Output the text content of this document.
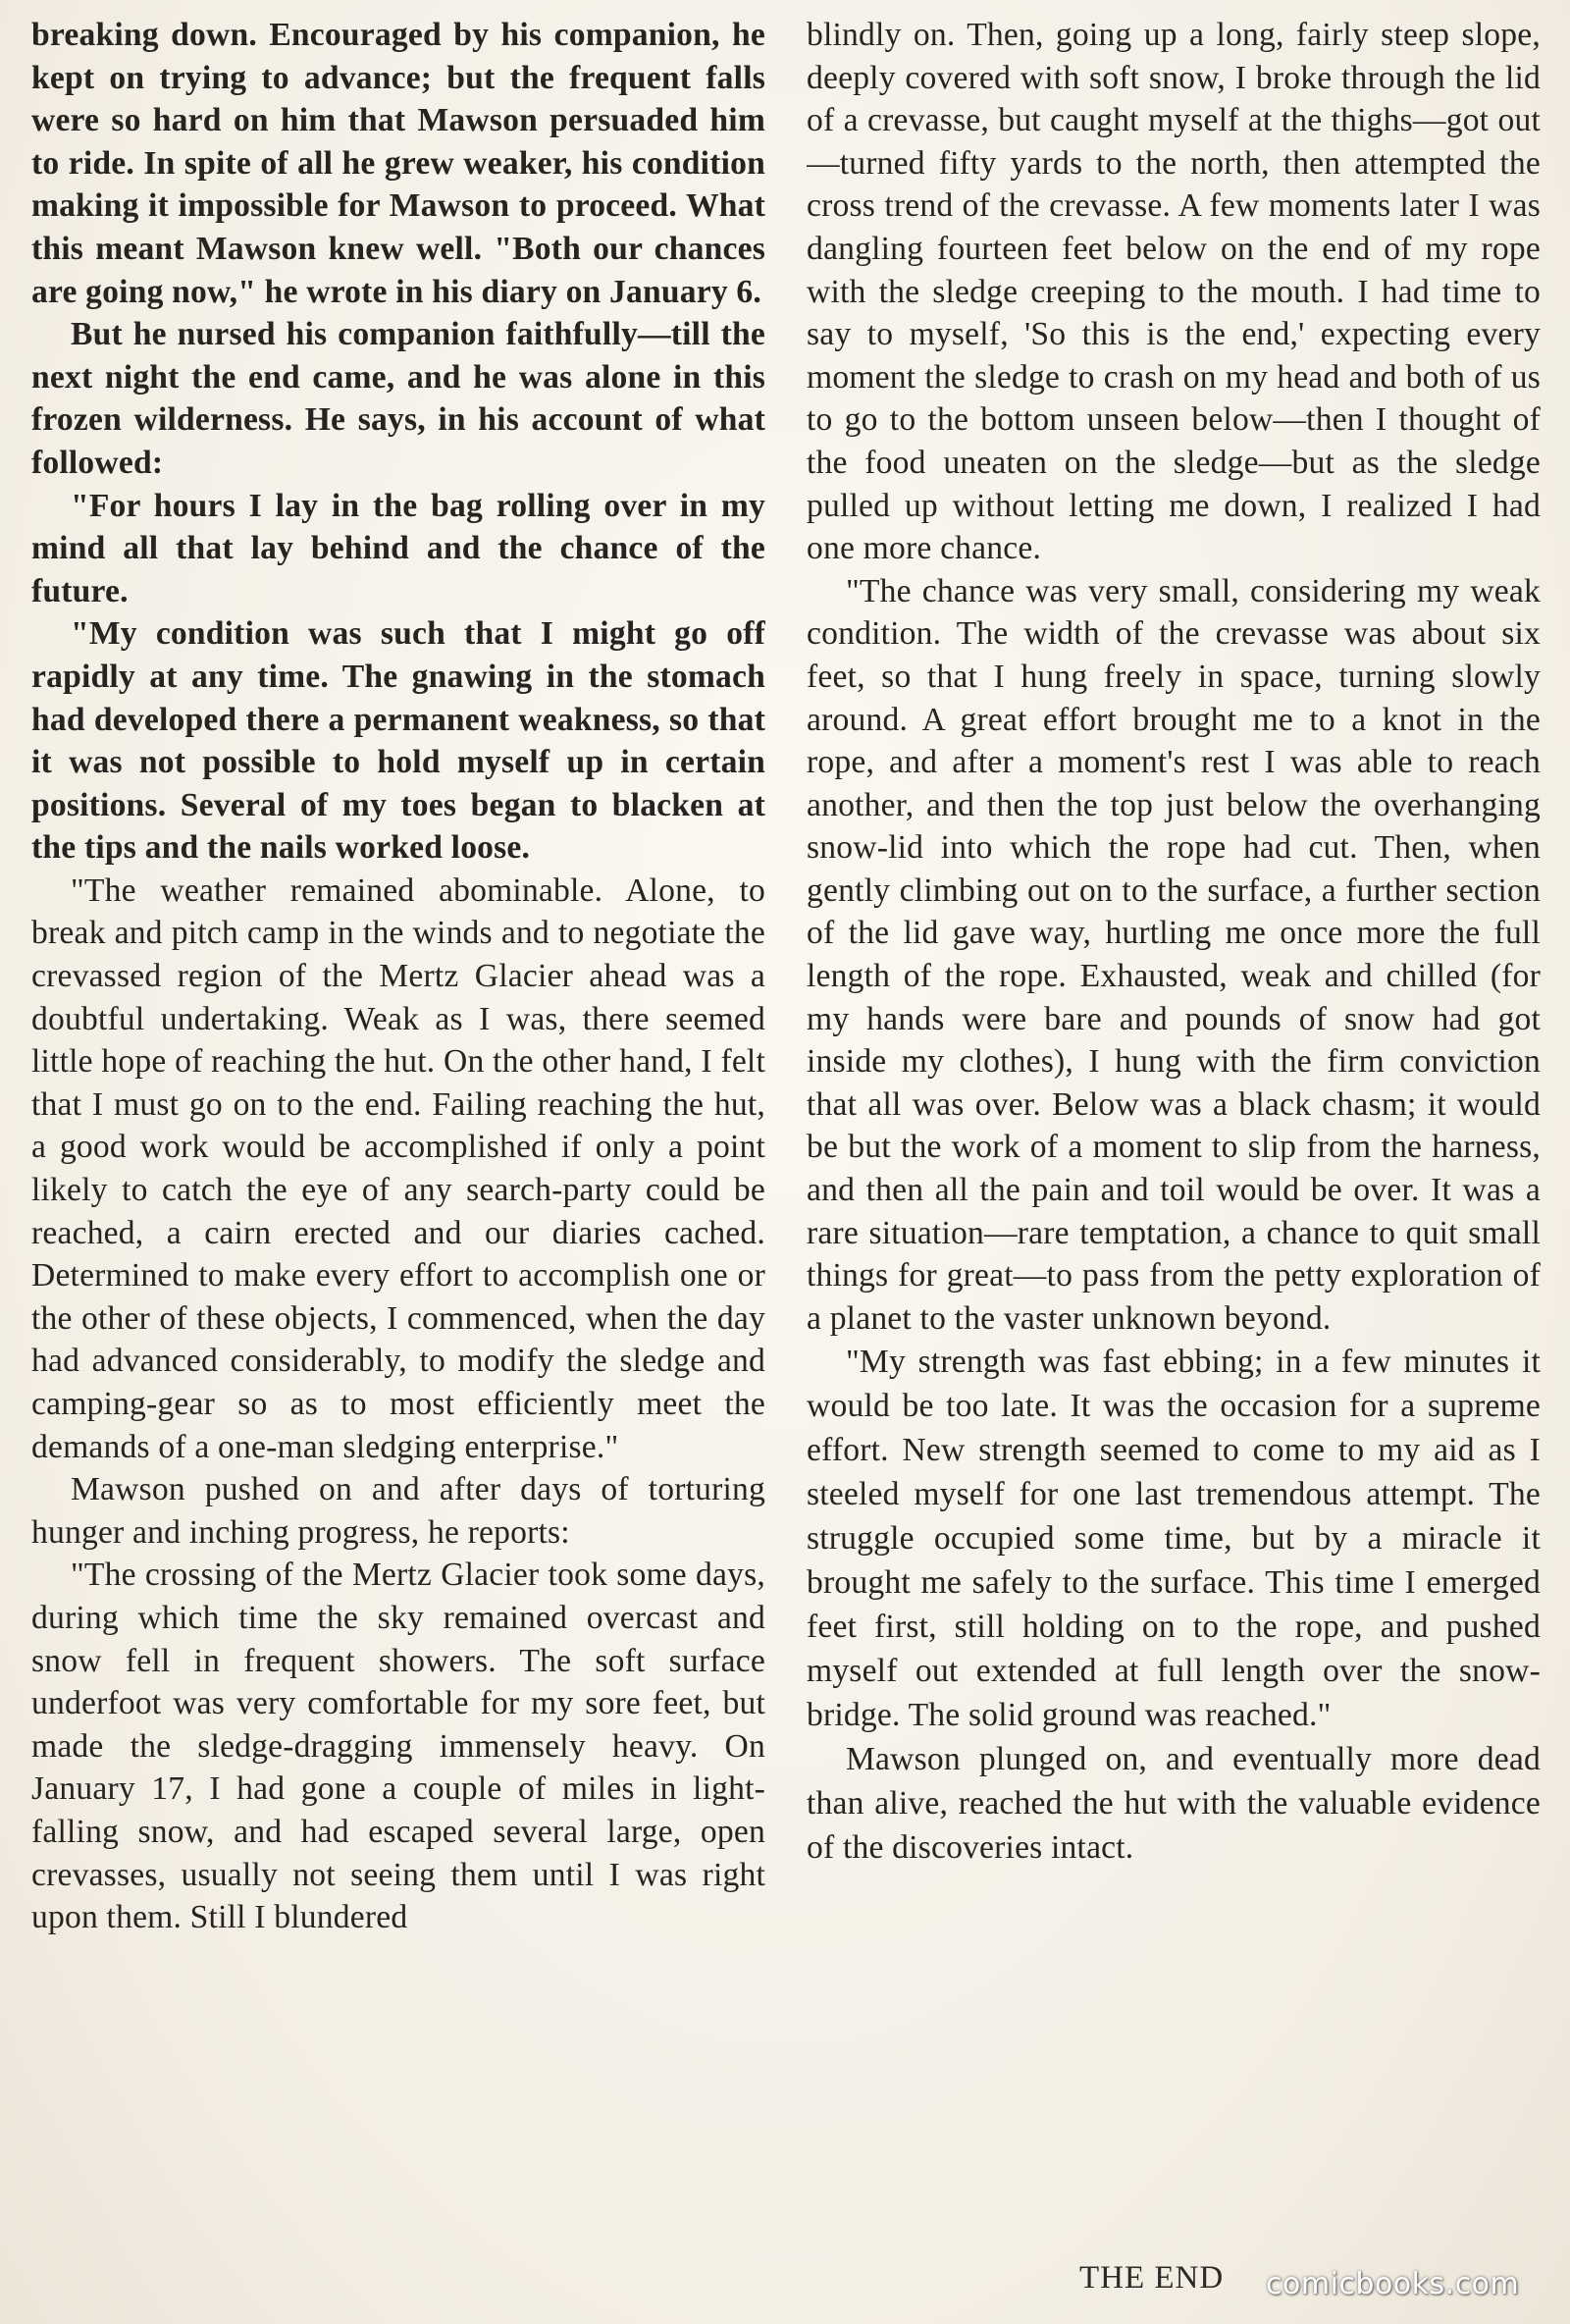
breaking down. Encouraged by his companion, he kept on trying to advance; but the frequent falls were so hard on him that Mawson persuaded him to ride. In spite of all he grew weaker, his condition making it impossible for Mawson to proceed. What this meant Mawson knew well. "Both our chances are going now," he wrote in his diary on January 6.

But he nursed his companion faithfully—till the next night the end came, and he was alone in this frozen wilderness. He says, in his account of what followed:

"For hours I lay in the bag rolling over in my mind all that lay behind and the chance of the future.

"My condition was such that I might go off rapidly at any time. The gnawing in the stomach had developed there a permanent weakness, so that it was not possible to hold myself up in certain positions. Several of my toes began to blacken at the tips and the nails worked loose.

"The weather remained abominable. Alone, to break and pitch camp in the winds and to negotiate the crevassed region of the Mertz Glacier ahead was a doubtful undertaking. Weak as I was, there seemed little hope of reaching the hut. On the other hand, I felt that I must go on to the end. Failing reaching the hut, a good work would be accomplished if only a point likely to catch the eye of any search-party could be reached, a cairn erected and our diaries cached. Determined to make every effort to accomplish one or the other of these objects, I commenced, when the day had advanced considerably, to modify the sledge and camping-gear so as to most efficiently meet the demands of a one-man sledging enterprise."

Mawson pushed on and after days of torturing hunger and inching progress, he reports:

"The crossing of the Mertz Glacier took some days, during which time the sky remained overcast and snow fell in frequent showers. The soft surface underfoot was very comfortable for my sore feet, but made the sledge-dragging immensely heavy. On January 17, I had gone a couple of miles in light-falling snow, and had escaped several large, open crevasses, usually not seeing them until I was right upon them. Still I blundered

blindly on. Then, going up a long, fairly steep slope, deeply covered with soft snow, I broke through the lid of a crevasse, but caught myself at the thighs—got out—turned fifty yards to the north, then attempted the cross trend of the crevasse. A few moments later I was dangling fourteen feet below on the end of my rope with the sledge creeping to the mouth. I had time to say to myself, 'So this is the end,' expecting every moment the sledge to crash on my head and both of us to go to the bottom unseen below—then I thought of the food uneaten on the sledge—but as the sledge pulled up without letting me down, I realized I had one more chance.

"The chance was very small, considering my weak condition. The width of the crevasse was about six feet, so that I hung freely in space, turning slowly around. A great effort brought me to a knot in the rope, and after a moment's rest I was able to reach another, and then the top just below the overhanging snow-lid into which the rope had cut. Then, when gently climbing out on to the surface, a further section of the lid gave way, hurtling me once more the full length of the rope. Exhausted, weak and chilled (for my hands were bare and pounds of snow had got inside my clothes), I hung with the firm conviction that all was over. Below was a black chasm; it would be but the work of a moment to slip from the harness, and then all the pain and toil would be over. It was a rare situation—rare temptation, a chance to quit small things for great—to pass from the petty exploration of a planet to the vaster unknown beyond.

"My strength was fast ebbing; in a few minutes it would be too late. It was the occasion for a supreme effort. New strength seemed to come to my aid as I steeled myself for one last tremendous attempt. The struggle occupied some time, but by a miracle it brought me safely to the surface. This time I emerged feet first, still holding on to the rope, and pushed myself out extended at full length over the snow-bridge. The solid ground was reached."

Mawson plunged on, and eventually more dead than alive, reached the hut with the valuable evidence of the discoveries intact.

THE END comicbooks.com
